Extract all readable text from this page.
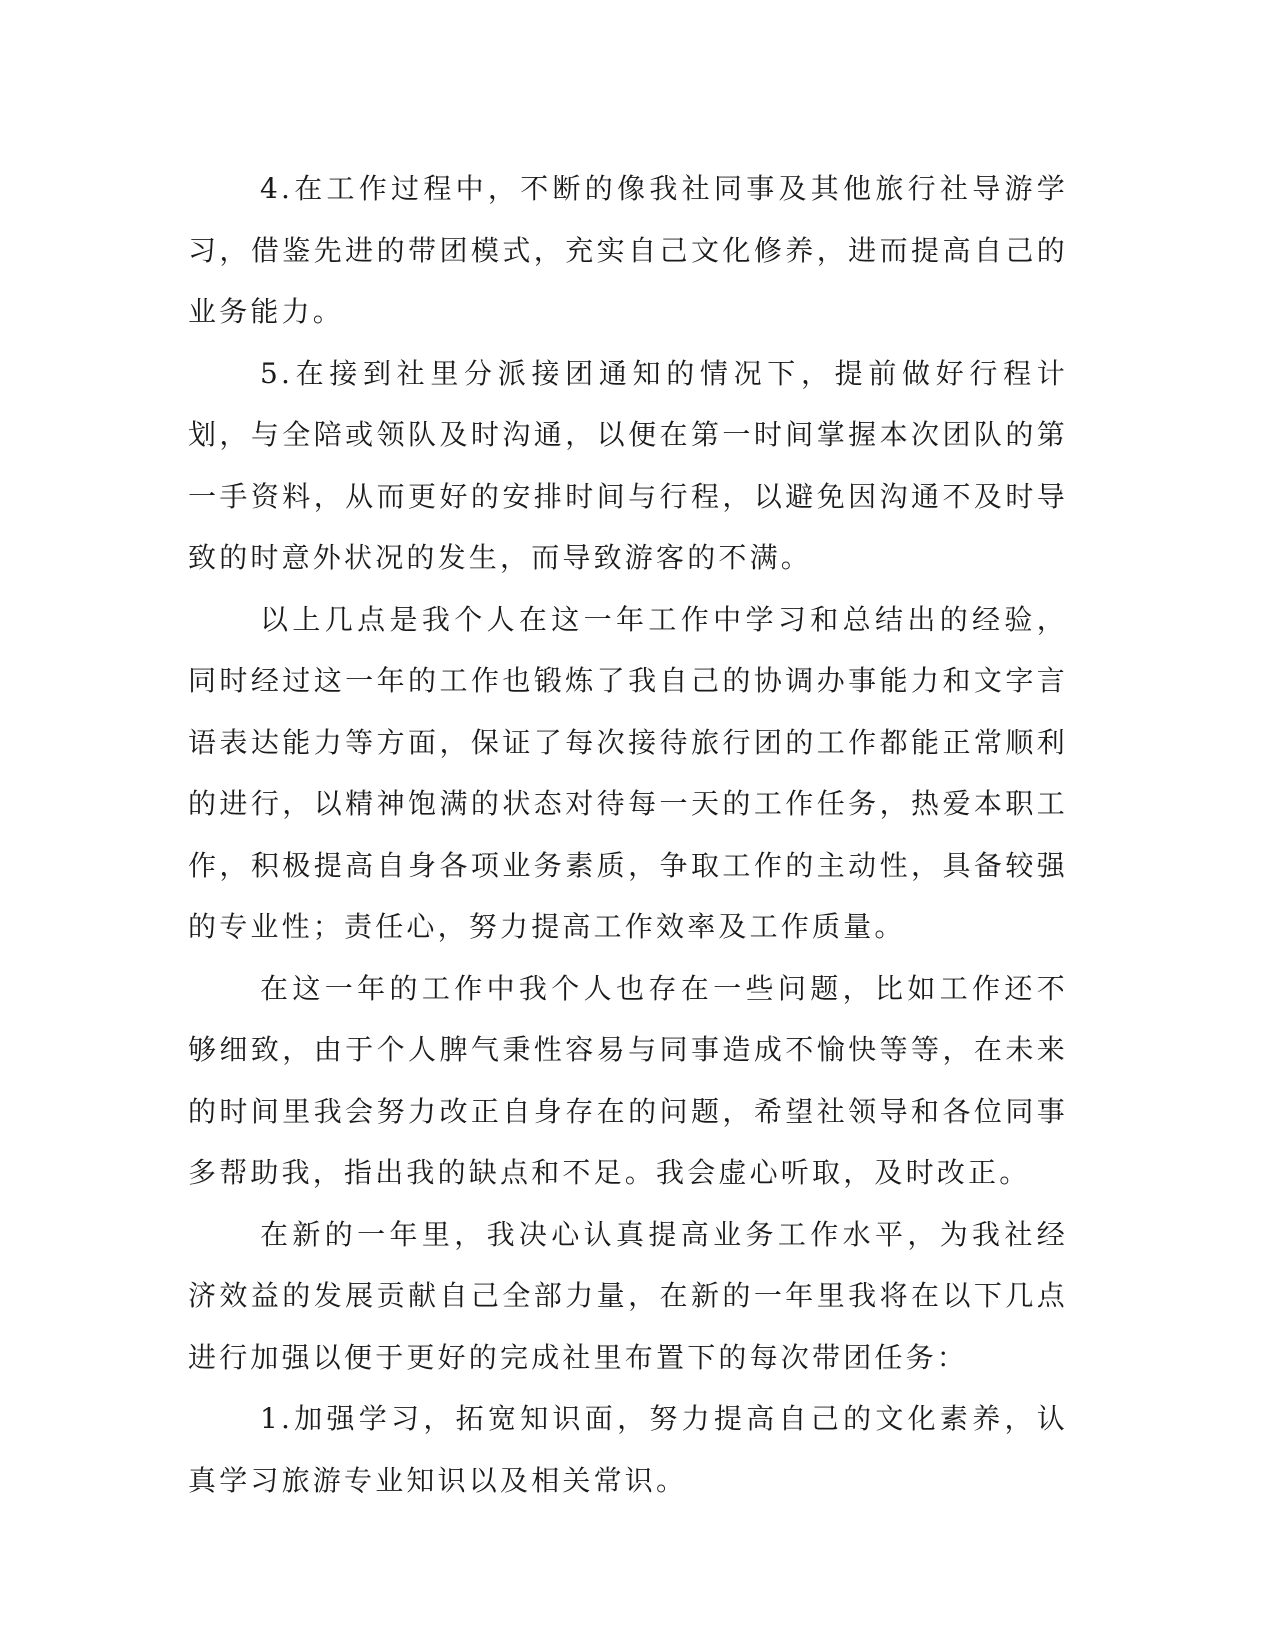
4.在工作过程中，不断的像我社同事及其他旅行社导游学习，借鉴先进的带团模式，充实自己文化修养，进而提高自己的业务能力。

5.在接到社里分派接团通知的情况下，提前做好行程计划，与全陪或领队及时沟通，以便在第一时间掌握本次团队的第一手资料，从而更好的安排时间与行程，以避免因沟通不及时导致的时意外状况的发生，而导致游客的不满。

以上几点是我个人在这一年工作中学习和总结出的经验，同时经过这一年的工作也锻炼了我自己的协调办事能力和文字言语表达能力等方面，保证了每次接待旅行团的工作都能正常顺利的进行，以精神饱满的状态对待每一天的工作任务，热爱本职工作，积极提高自身各项业务素质，争取工作的主动性，具备较强的专业性；责任心，努力提高工作效率及工作质量。

在这一年的工作中我个人也存在一些问题，比如工作还不够细致，由于个人脾气秉性容易与同事造成不愉快等等，在未来的时间里我会努力改正自身存在的问题，希望社领导和各位同事多帮助我，指出我的缺点和不足。我会虚心听取，及时改正。

在新的一年里，我决心认真提高业务工作水平，为我社经济效益的发展贡献自己全部力量，在新的一年里我将在以下几点进行加强以便于更好的完成社里布置下的每次带团任务：

1.加强学习，拓宽知识面，努力提高自己的文化素养，认真学习旅游专业知识以及相关常识。
